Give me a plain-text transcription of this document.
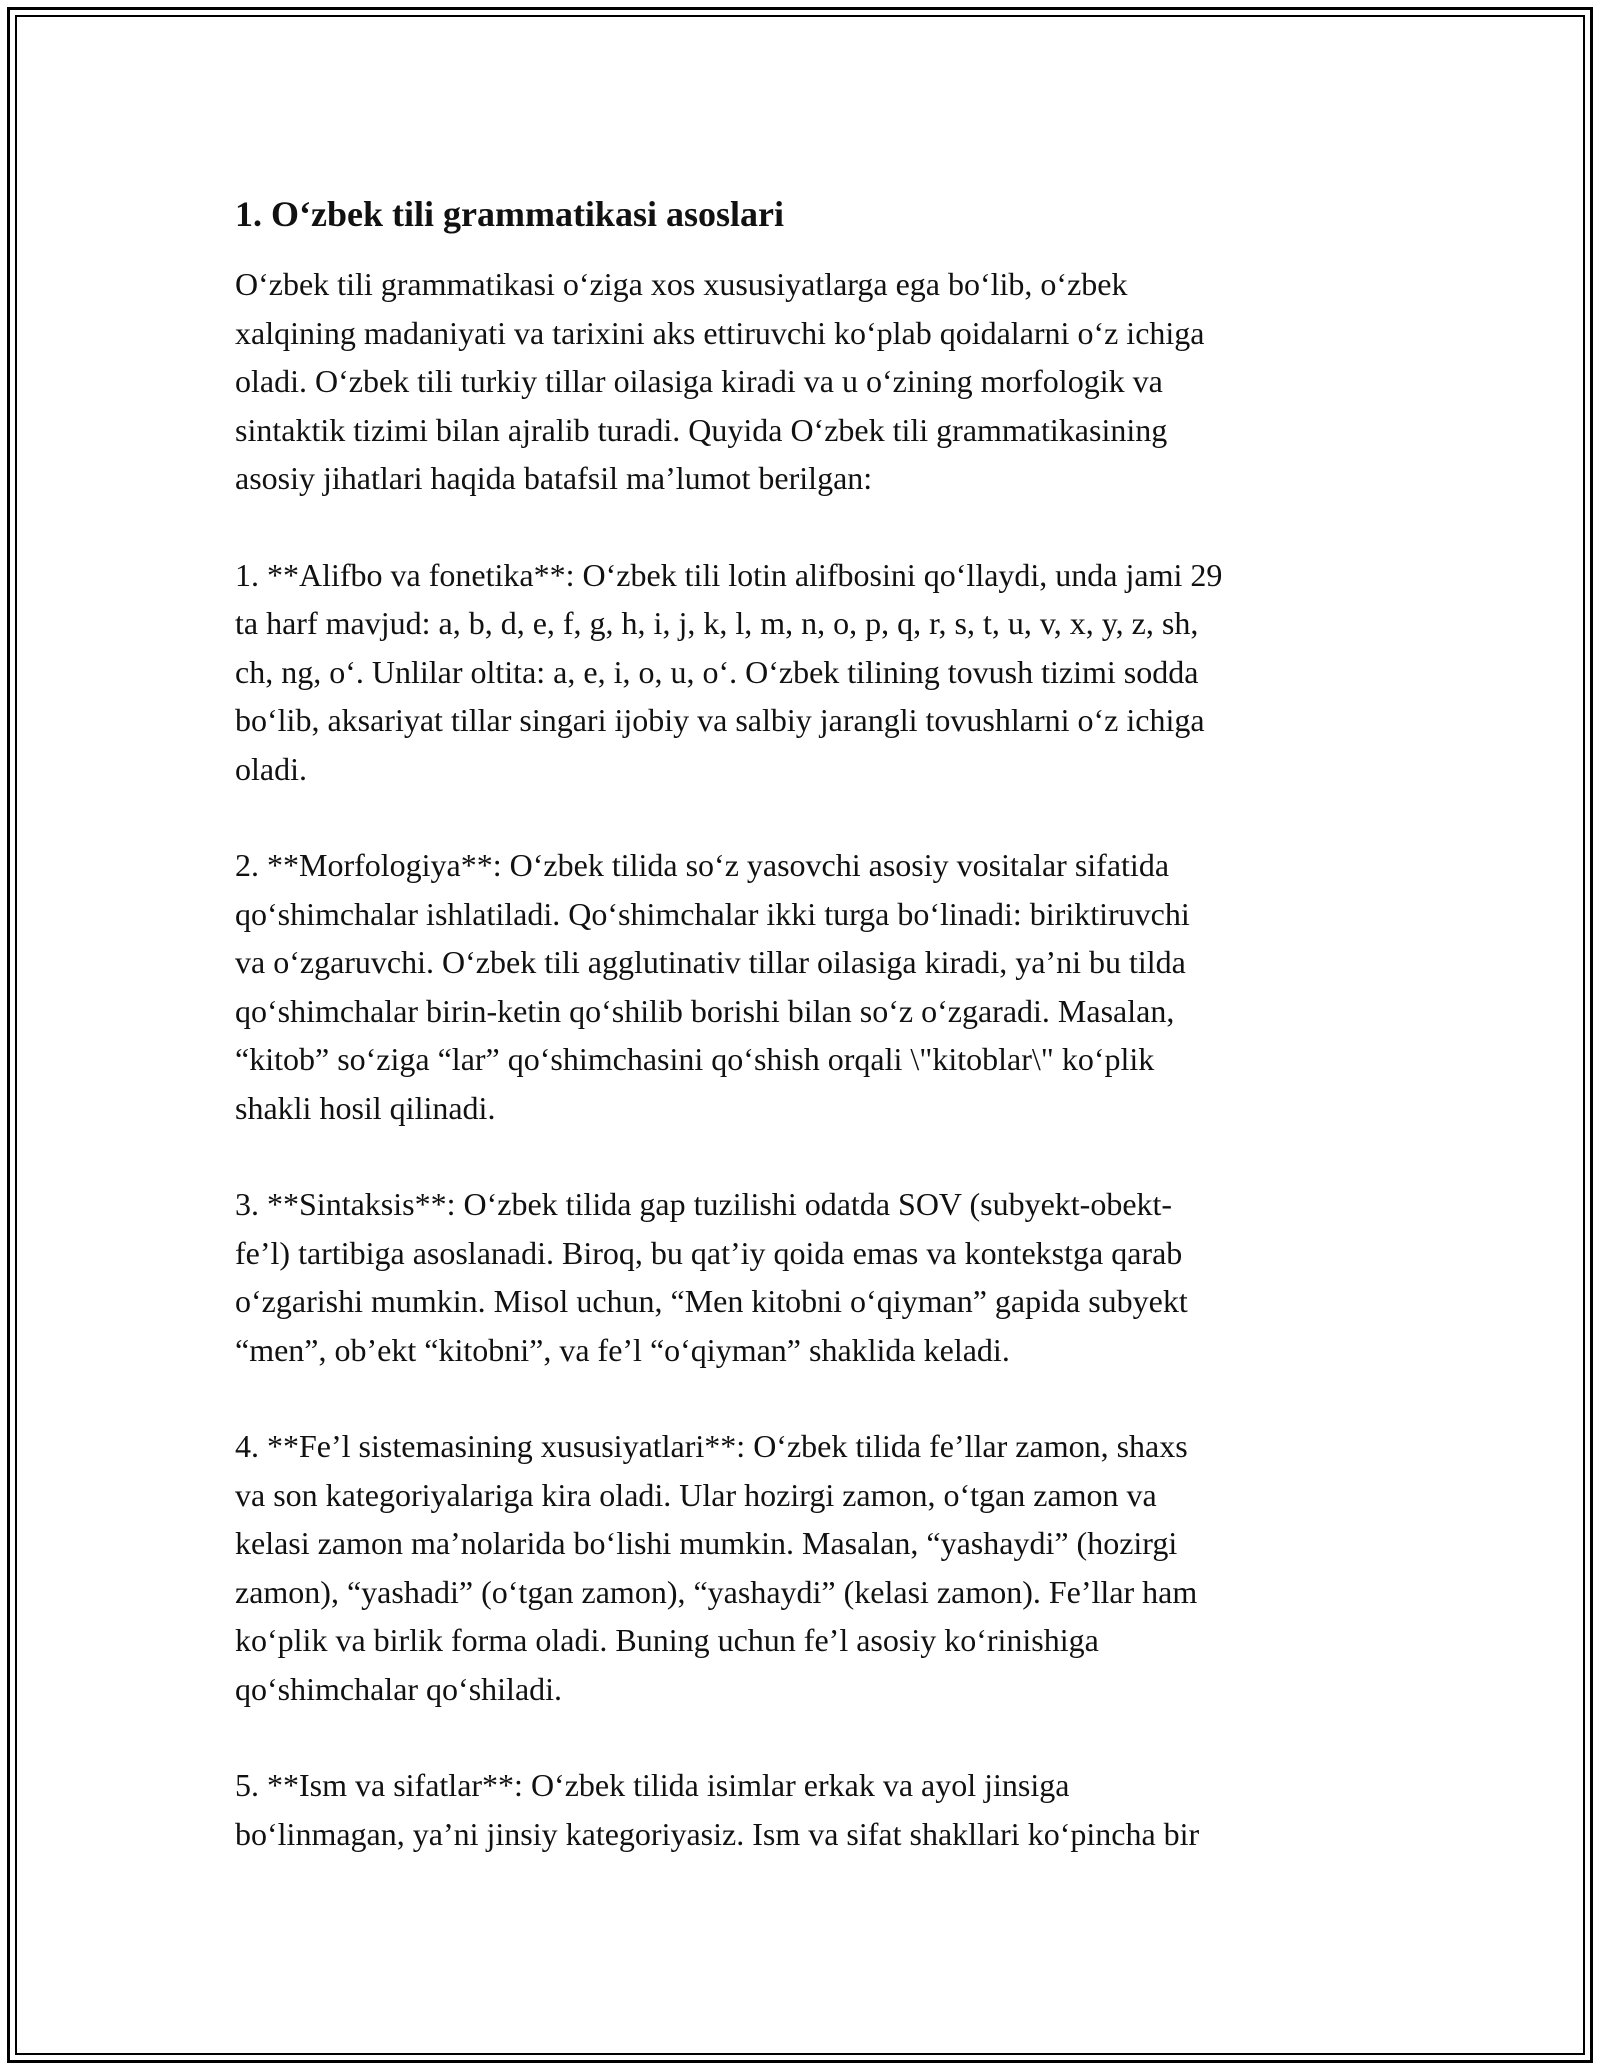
1. O‘zbek tili grammatikasi asoslari

O‘zbek tili grammatikasi o‘ziga xos xususiyatlarga ega bo‘lib, o‘zbek
xalqining madaniyati va tarixini aks ettiruvchi ko‘plab qoidalarni o‘z ichiga
oladi. O‘zbek tili turkiy tillar oilasiga kiradi va u o‘zining morfologik va
sintaktik tizimi bilan ajralib turadi. Quyida O‘zbek tili grammatikasining
asosiy jihatlari haqida batafsil ma’lumot berilgan:

1. **Alifbo va fonetika**: O‘zbek tili lotin alifbosini qo‘llaydi, unda jami 29
ta harf mavjud: a, b, d, e, f, g, h, i, j, k, l, m, n, o, p, q, r, s, t, u, v, x, y, z, sh,
ch, ng, o‘. Unlilar oltita: a, e, i, o, u, o‘. O‘zbek tilining tovush tizimi sodda
bo‘lib, aksariyat tillar singari ijobiy va salbiy jarangli tovushlarni o‘z ichiga
oladi.

2. **Morfologiya**: O‘zbek tilida so‘z yasovchi asosiy vositalar sifatida
qo‘shimchalar ishlatiladi. Qo‘shimchalar ikki turga bo‘linadi: biriktiruvchi
va o‘zgaruvchi. O‘zbek tili agglutinativ tillar oilasiga kiradi, ya’ni bu tilda
qo‘shimchalar birin-ketin qo‘shilib borishi bilan so‘z o‘zgaradi. Masalan,
“kitob” so‘ziga “lar” qo‘shimchasini qo‘shish orqali \"kitoblar\" ko‘plik
shakli hosil qilinadi.

3. **Sintaksis**: O‘zbek tilida gap tuzilishi odatda SOV (subyekt-obekt-
fe’l) tartibiga asoslanadi. Biroq, bu qat’iy qoida emas va kontekstga qarab
o‘zgarishi mumkin. Misol uchun, “Men kitobni o‘qiyman” gapida subyekt
“men”, ob’ekt “kitobni”, va fe’l “o‘qiyman” shaklida keladi.

4. **Fe’l sistemasining xususiyatlari**: O‘zbek tilida fe’llar zamon, shaxs
va son kategoriyalariga kira oladi. Ular hozirgi zamon, o‘tgan zamon va
kelasi zamon ma’nolarida bo‘lishi mumkin. Masalan, “yashaydi” (hozirgi
zamon), “yashadi” (o‘tgan zamon), “yashaydi” (kelasi zamon). Fe’llar ham
ko‘plik va birlik forma oladi. Buning uchun fe’l asosiy ko‘rinishiga
qo‘shimchalar qo‘shiladi.

5. **Ism va sifatlar**: O‘zbek tilida isimlar erkak va ayol jinsiga
bo‘linmagan, ya’ni jinsiy kategoriyasiz. Ism va sifat shakllari ko‘pincha bir
